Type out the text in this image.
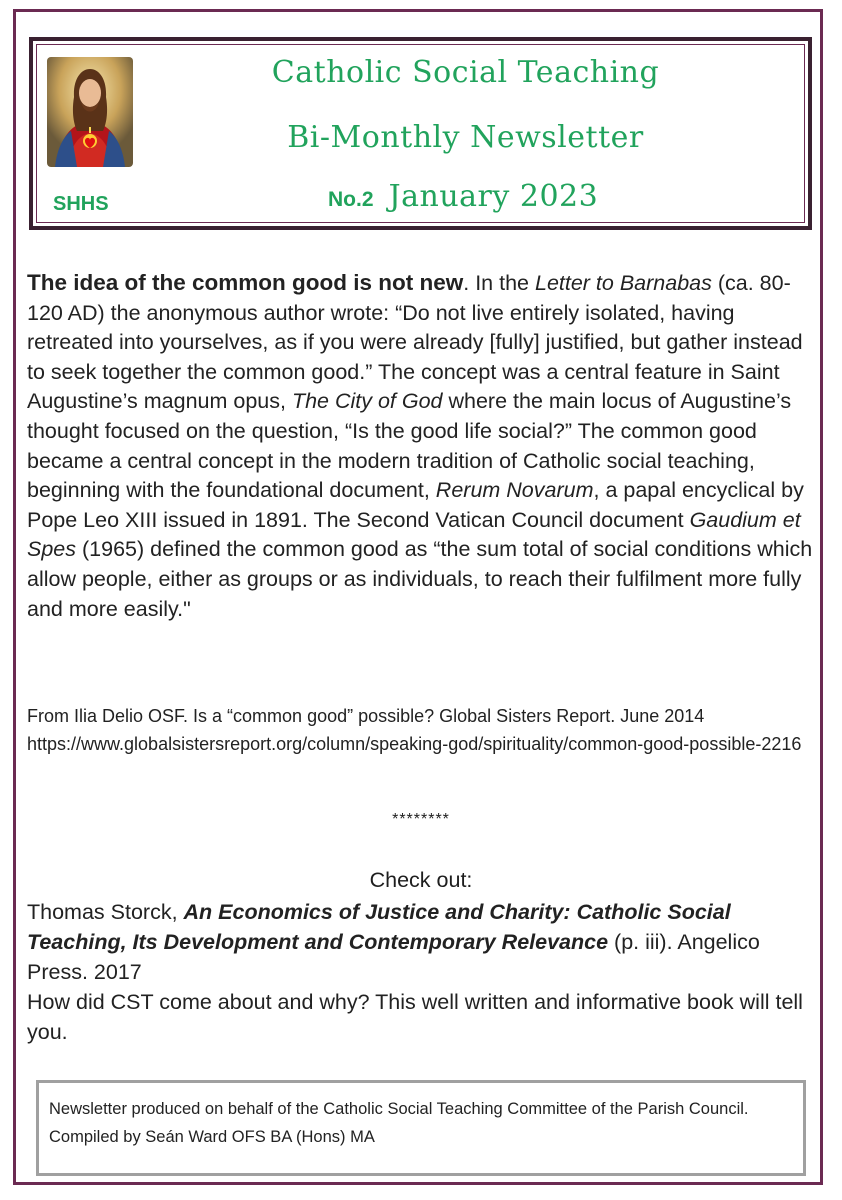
Catholic Social Teaching
Bi-Monthly Newsletter
SHHS	No.2 January 2023
The idea of the common good is not new. In the Letter to Barnabas (ca. 80-120 AD) the anonymous author wrote: “Do not live entirely isolated, having retreated into yourselves, as if you were already [fully] justified, but gather instead to seek together the common good.” The concept was a central feature in Saint Augustine’s magnum opus, The City of God where the main locus of Augustine’s thought focused on the question, “Is the good life social?” The common good became a central concept in the modern tradition of Catholic social teaching, beginning with the foundational document, Rerum Novarum, a papal encyclical by Pope Leo XIII issued in 1891. The Second Vatican Council document Gaudium et Spes (1965) defined the common good as “the sum total of social conditions which allow people, either as groups or as individuals, to reach their fulfilment more fully and more easily."
From Ilia Delio OSF. Is a “common good” possible? Global Sisters Report. June 2014
https://www.globalsistersreport.org/column/speaking-god/spirituality/common-good-possible-2216
********
Check out:
Thomas Storck, An Economics of Justice and Charity: Catholic Social Teaching, Its Development and Contemporary Relevance (p. iii). Angelico Press. 2017
How did CST come about and why? This well written and informative book will tell you.
Newsletter produced on behalf of the Catholic Social Teaching Committee of the Parish Council. Compiled by Seán Ward OFS BA (Hons) MA
